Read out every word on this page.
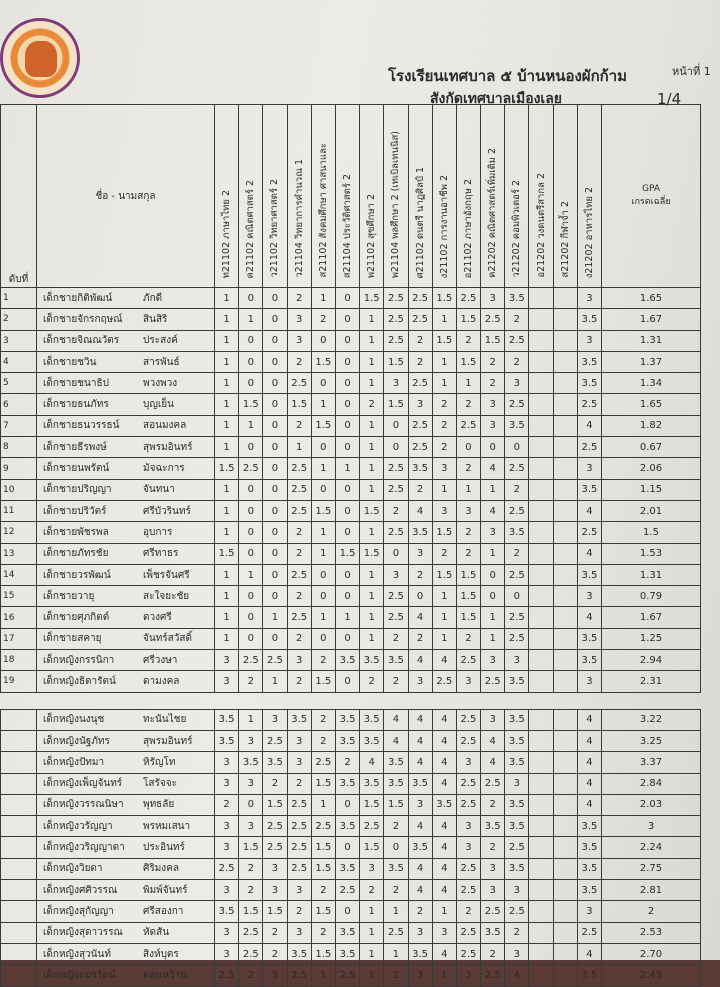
โรงเรียนเทศบาล ๕ บ้านหนองผักก้าม
สังกัดเทศบาลเมืองเลย
หน้าที่ 1
1/4
ดับที่	ชื่อ - นามสกุล	ท21102 ภาษาไทย 2	ค21102 คณิตศาสตร์ 2	ว21102 วิทยาศาสตร์ 2	ว21104 วิทยาการคำนวณ 1	ส21102 สังคมศึกษา ศาสนาและ	ส21104 ประวัติศาสตร์ 2	พ21102 สุขศึกษา 2	พ21104 พลศึกษา 2 (เทเบิลเทนนิส)	ศ21102 ดนตรี นาฏศิลป์ 1	ง21102 การงานอาชีพ 2	อ21102 ภาษาอังกฤษ 2	ค21202 คณิตศาสตร์เพิ่มเติม 2	ว21202 คอมพิวเตอร์ 2	อ21202 วงดนตรีสากล 2	ส21202 กีฬาจ้ำ 2	ง21202 อาหารไทย 2	GPA
เกรดเฉลี่ย
1	เด็กชายกิติพัฒน์ ภักดี	1	0	0	2	1	0	1.5	2.5	2.5	1.5	2.5	3	3.5			3	1.65
2	เด็กชายจักรกฤษณ์ สินสิริ	1	1	0	3	2	0	1	2.5	2.5	1	1.5	2.5	2			3.5	1.67
3	เด็กชายจิณณวัตร ประสงค์	1	0	0	3	0	0	1	2.5	2	1.5	2	1.5	2.5			3	1.31
4	เด็กชายชวิน สารพันธ์	1	0	0	2	1.5	0	1	1.5	2	1	1.5	2	2			3.5	1.37
5	เด็กชายชนาธิป พวงพวง	1	0	0	2.5	0	0	1	3	2.5	1	1	2	3			3.5	1.34
6	เด็กชายธนภัทร บุญเย็น	1	1.5	0	1.5	1	0	2	1.5	3	2	2	3	2.5			2.5	1.65
7	เด็กชายธนวรรธน์ สอนมงคล	1	1	0	2	1.5	0	1	0	2.5	2	2.5	3	3.5			4	1.82
8	เด็กชายธีรพงษ์ สุพรมอินทร์	1	0	0	1	0	0	1	0	2.5	2	0	0	0			2.5	0.67
9	เด็กชายนพรัตน์ มัจฉะการ	1.5	2.5	0	2.5	1	1	1	2.5	3.5	3	2	4	2.5			3	2.06
10	เด็กชายปริญญา จันทนา	1	0	0	2.5	0	0	1	2.5	2	1	1	1	2			3.5	1.15
11	เด็กชายปริวัตร์ ศรีบัวรินทร์	1	0	0	2.5	1.5	0	1.5	2	4	3	3	4	2.5			4	2.01
12	เด็กชายพัชรพล อุบการ	1	0	0	2	1	0	1	2.5	3.5	1.5	2	3	3.5			2.5	1.5
13	เด็กชายภัทรชัย ศรีทาธร	1.5	0	0	2	1	1.5	1.5	0	3	2	2	1	2			4	1.53
14	เด็กชายวรพัฒน์ เพ็ชรจันศรี	1	1	0	2.5	0	0	1	3	2	1.5	1.5	0	2.5			3.5	1.31
15	เด็กชายวายุ สะใจยะชัย	1	0	0	2	0	0	1	2.5	0	1	1.5	0	0			3	0.79
16	เด็กชายศุภกิตต์ ดวงศรี	1	0	1	2.5	1	1	1	2.5	4	1	1.5	1	2.5			4	1.67
17	เด็กชายสคายุ จันทร์สวัสดิ์	1	0	0	2	0	0	1	2	2	1	2	1	2.5			3.5	1.25
18	เด็กหญิงกรรนิกา ศรีวงษา	3	2.5	2.5	3	2	3.5	3.5	3.5	4	4	2.5	3	3			3.5	2.94
19	เด็กหญิงธิดารัตน์ ดามงคล	3	2	1	2	1.5	0	2	2	3	2.5	3	2.5	3.5			3	2.31

	เด็กหญิงนงนุช ทะนันไชย	3.5	1	3	3.5	2	3.5	3.5	4	4	4	2.5	3	3.5			4	3.22
	เด็กหญิงนัฐภัทร สุพรมอินทร์	3.5	3	2.5	3	2	3.5	3.5	4	4	4	2.5	4	3.5			4	3.25
	เด็กหญิงปัทมา หิรัญโท	3	3.5	3.5	3	2.5	2	4	3.5	4	4	3	4	3.5			4	3.37
	เด็กหญิงเพ็ญจันทร์ โสรัจจะ	3	3	2	2	1.5	3.5	3.5	3.5	3.5	4	2.5	2.5	3			4	2.84
	เด็กหญิงวรรณนิษา พุทธลัย	2	0	1.5	2.5	1	0	1.5	1.5	3	3.5	2.5	2	3.5			4	2.03
	เด็กหญิงวรัญญา พรหมเสนา	3	3	2.5	2.5	2.5	3.5	2.5	2	4	4	3	3.5	3.5			3.5	3
	เด็กหญิงวริญญาดา ประอินทร์	3	1.5	2.5	2.5	1.5	0	1.5	0	3.5	4	3	2	2.5			3.5	2.24
	เด็กหญิงวิยดา ศิริมงคล	2.5	2	3	2.5	1.5	3.5	3	3.5	4	4	2.5	3	3.5			3.5	2.75
	เด็กหญิงศศิวรรณ พิมพ์จันทร์	3	2	3	3	2	2.5	2	2	4	4	2.5	3	3			3.5	2.81
	เด็กหญิงสุกัญญา ศรีสองกา	3.5	1.5	1.5	2	1.5	0	1	1	2	1	2	2.5	2.5			3	2
	เด็กหญิงสุดาวรรณ หัดสัน	3	2.5	2	3	2	3.5	1	2.5	3	3	2.5	3.5	2			2.5	2.53
	เด็กหญิงสุวนันท์ สิงห์บุตร	3	2.5	2	3.5	1.5	3.5	1	1	3.5	4	2.5	2	3			4	2.70
	เด็กหญิงอมรรัตน์ ตอนหว้าน	2.5	2	3	2.5	1	2.5	1	2	3	1	3	2.5	4			3.5	2.43
